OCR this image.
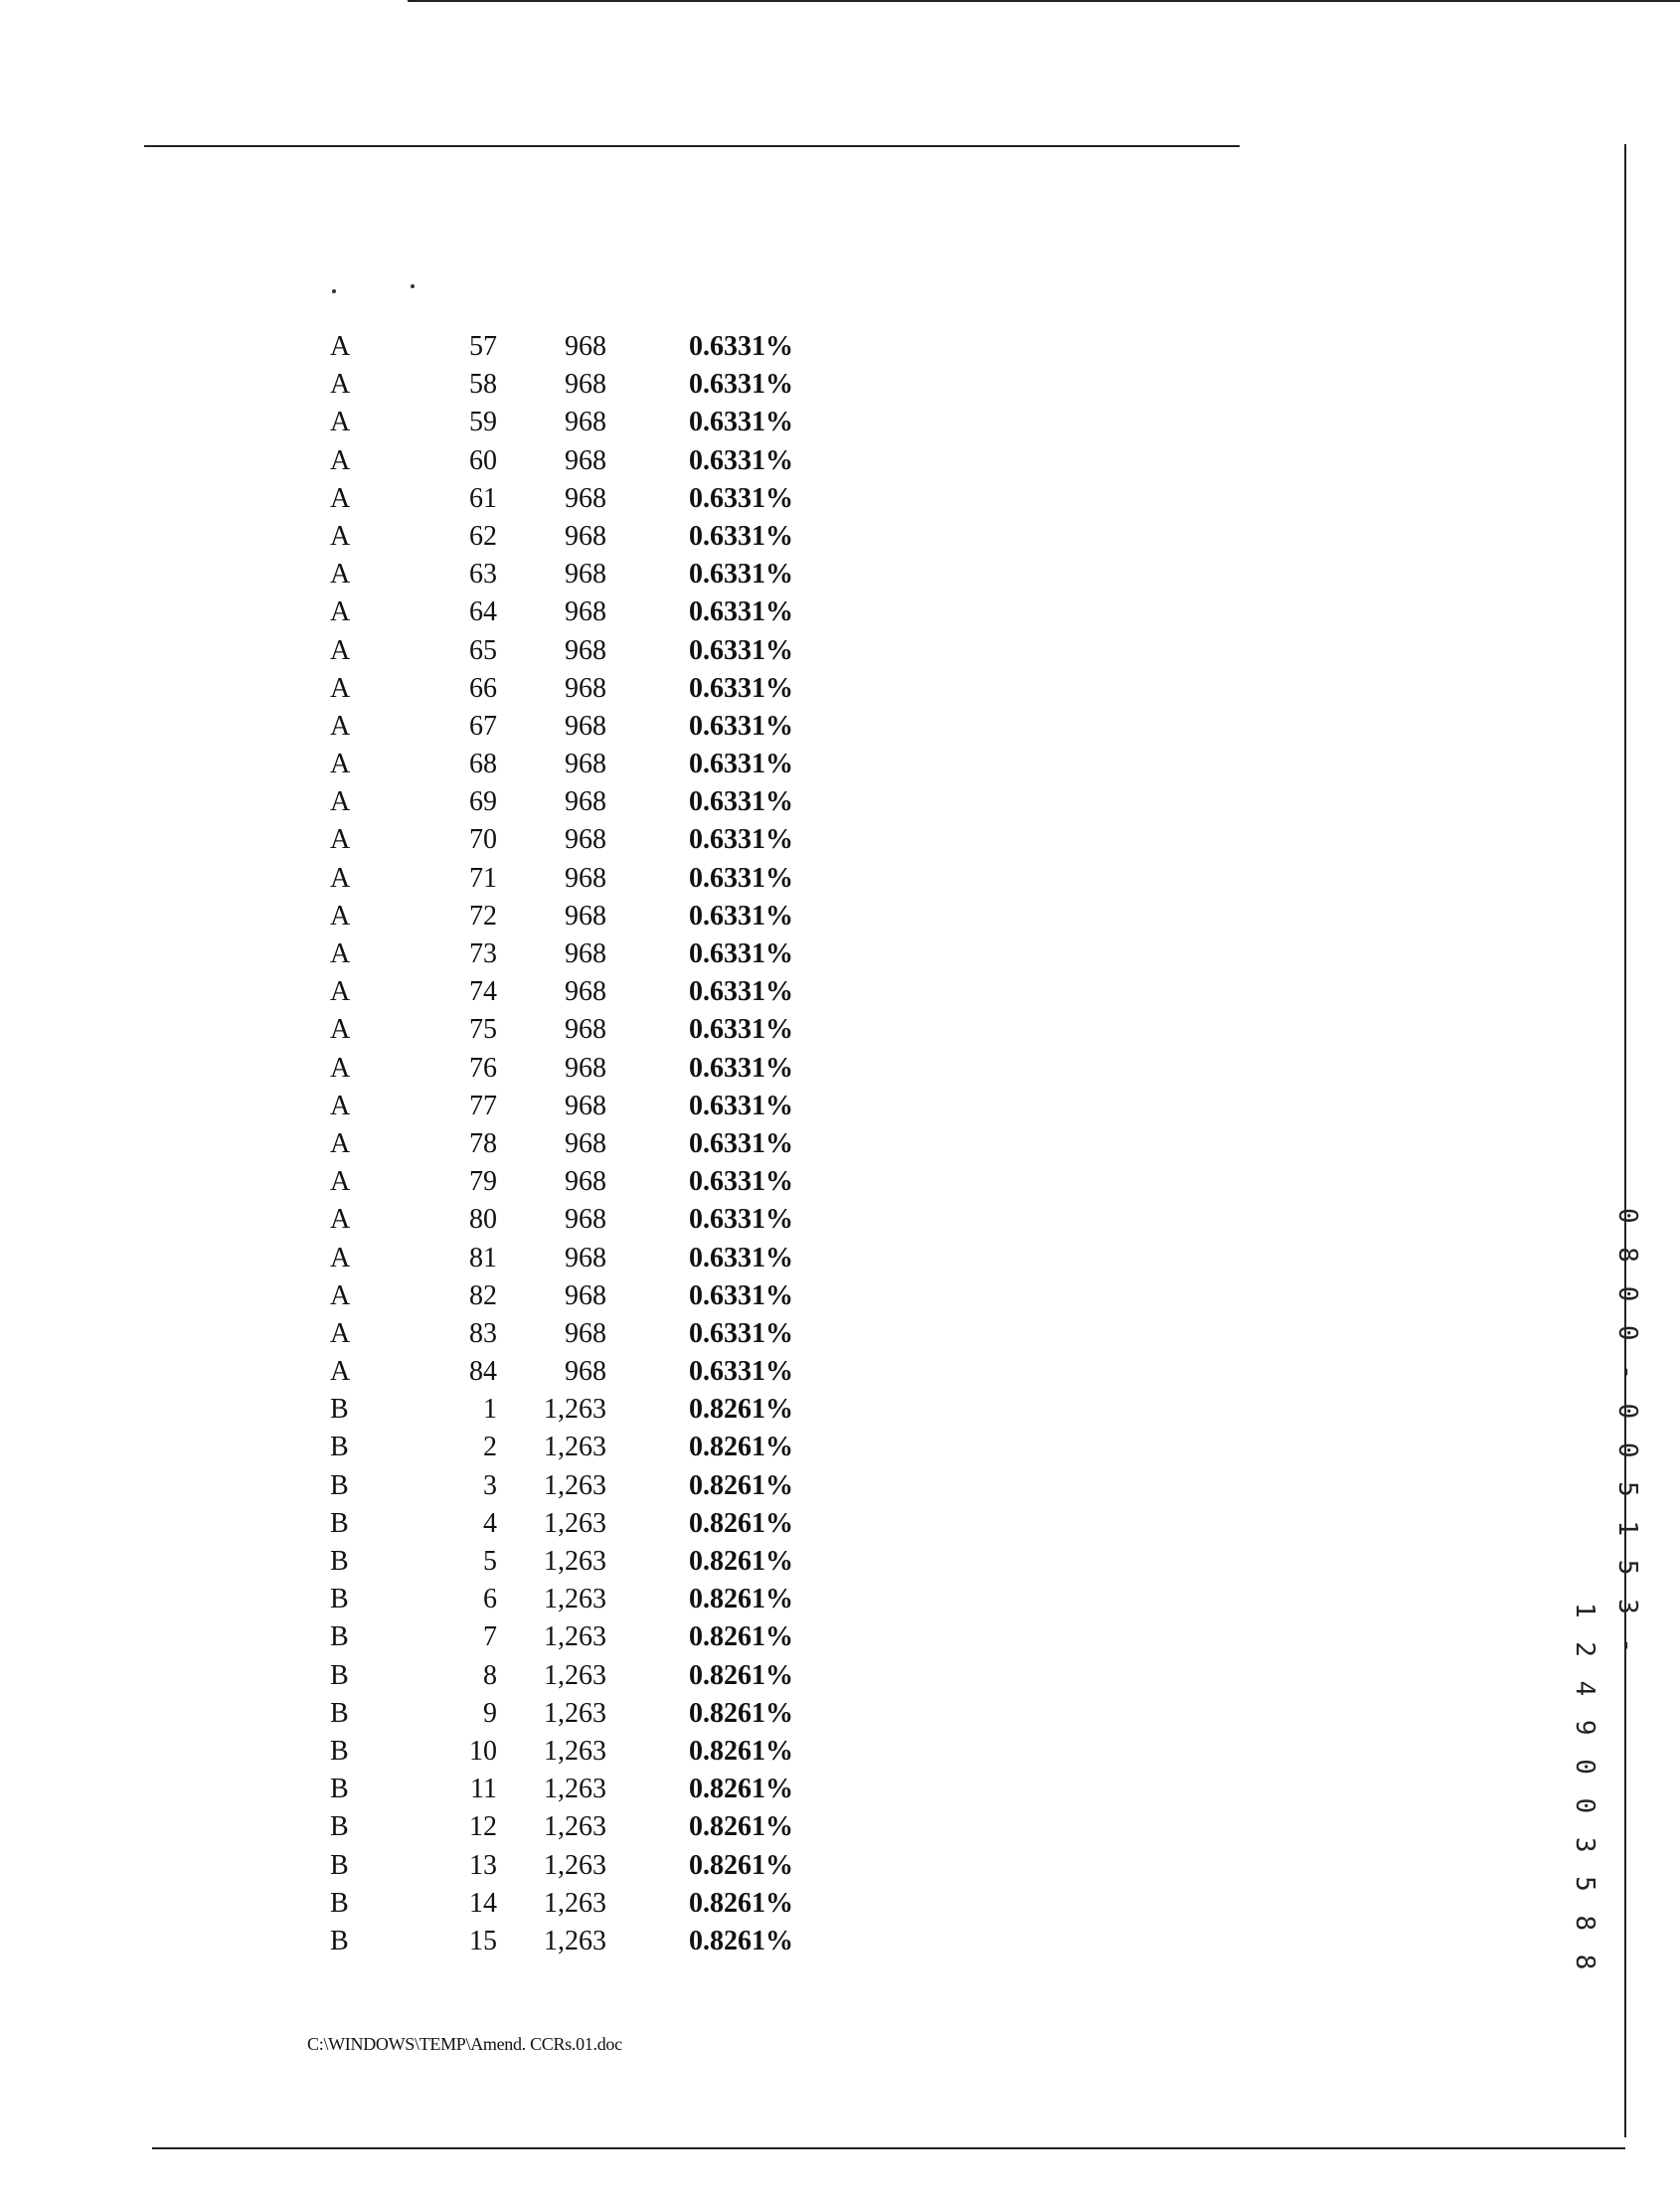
A	57	968	0.6331%
A	58	968	0.6331%
A	59	968	0.6331%
A	60	968	0.6331%
A	61	968	0.6331%
A	62	968	0.6331%
A	63	968	0.6331%
A	64	968	0.6331%
A	65	968	0.6331%
A	66	968	0.6331%
A	67	968	0.6331%
A	68	968	0.6331%
A	69	968	0.6331%
A	70	968	0.6331%
A	71	968	0.6331%
A	72	968	0.6331%
A	73	968	0.6331%
A	74	968	0.6331%
A	75	968	0.6331%
A	76	968	0.6331%
A	77	968	0.6331%
A	78	968	0.6331%
A	79	968	0.6331%
A	80	968	0.6331%
A	81	968	0.6331%
A	82	968	0.6331%
A	83	968	0.6331%
A	84	968	0.6331%
B	1	1,263	0.8261%
B	2	1,263	0.8261%
B	3	1,263	0.8261%
B	4	1,263	0.8261%
B	5	1,263	0.8261%
B	6	1,263	0.8261%
B	7	1,263	0.8261%
B	8	1,263	0.8261%
B	9	1,263	0.8261%
B	10	1,263	0.8261%
B	11	1,263	0.8261%
B	12	1,263	0.8261%
B	13	1,263	0.8261%
B	14	1,263	0.8261%
B	15	1,263	0.8261%
C:\WINDOWS\TEMP\Amend. CCRs.01.doc
0 8 0 0 - 0 0 5 1 5 3 -
1 2 4 9 0 0 3 5 8 8
